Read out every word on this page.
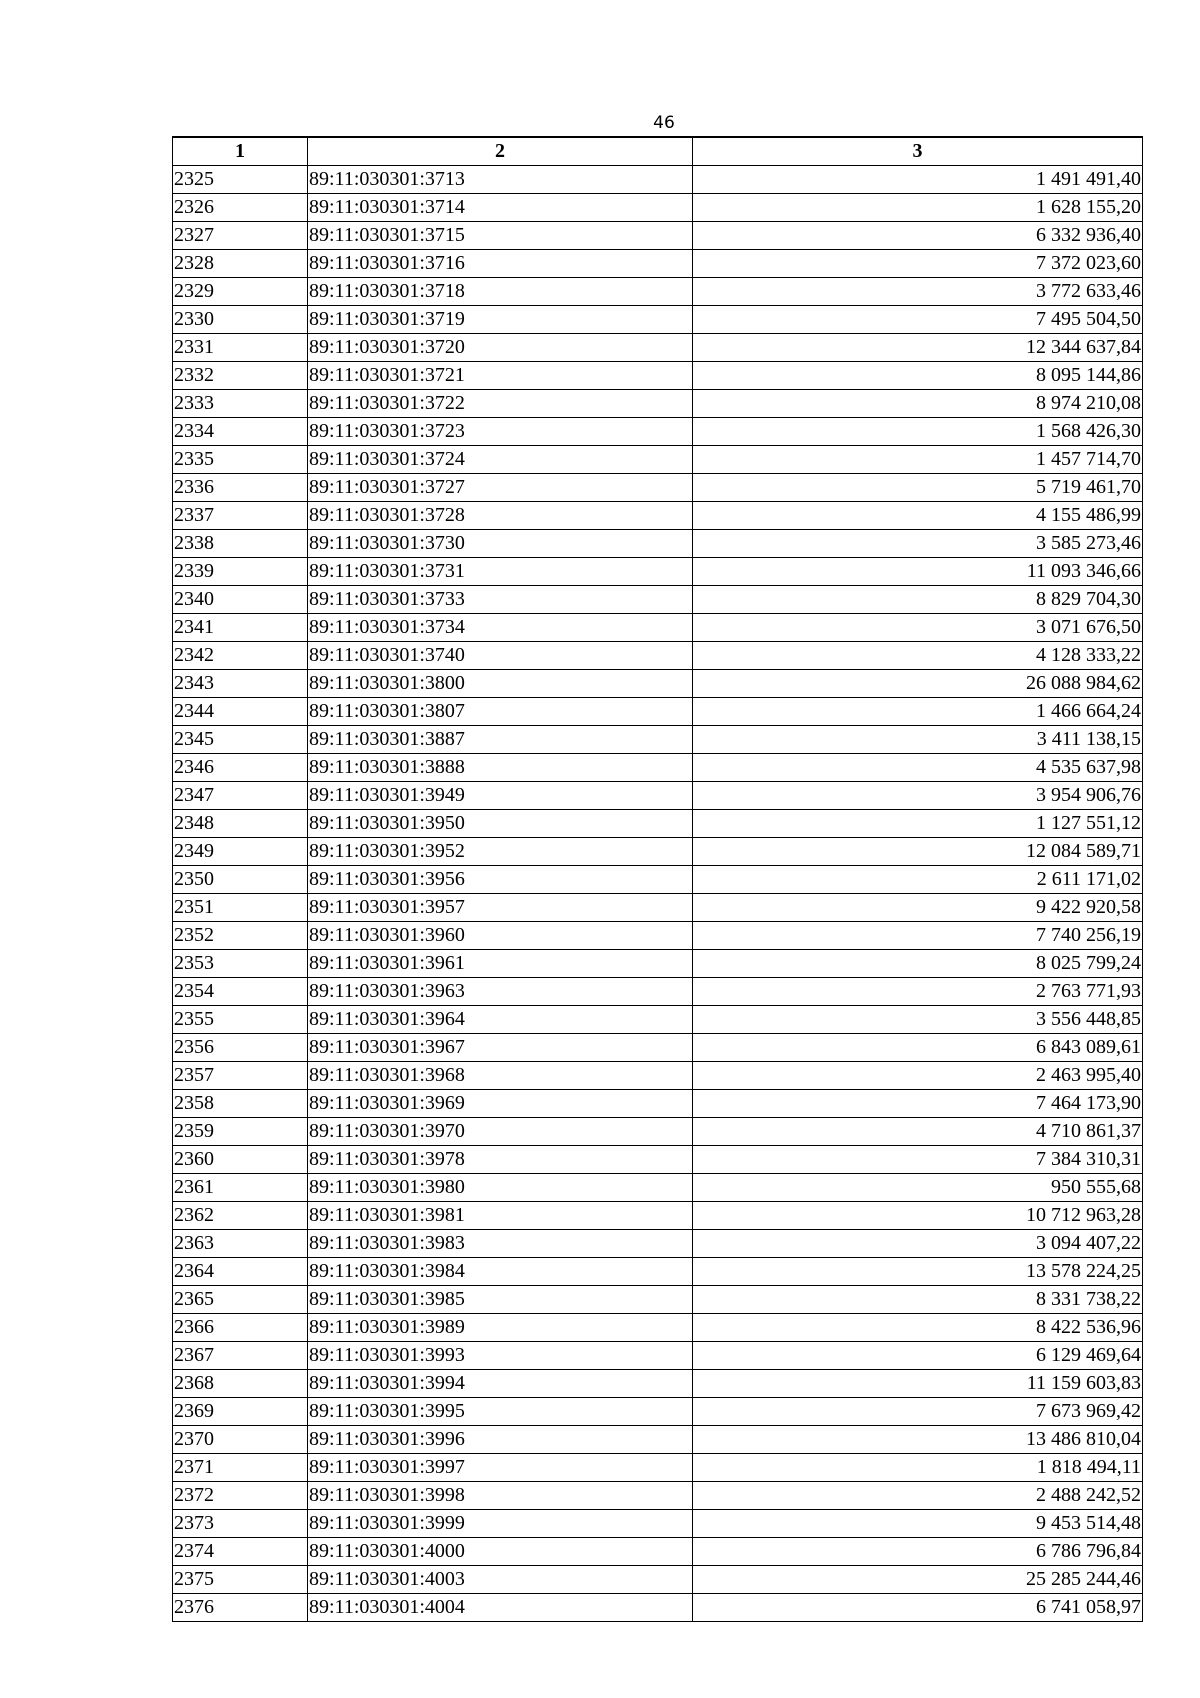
46
1	2	3
2325	89:11:030301:3713	1 491 491,40
2326	89:11:030301:3714	1 628 155,20
2327	89:11:030301:3715	6 332 936,40
2328	89:11:030301:3716	7 372 023,60
2329	89:11:030301:3718	3 772 633,46
2330	89:11:030301:3719	7 495 504,50
2331	89:11:030301:3720	12 344 637,84
2332	89:11:030301:3721	8 095 144,86
2333	89:11:030301:3722	8 974 210,08
2334	89:11:030301:3723	1 568 426,30
2335	89:11:030301:3724	1 457 714,70
2336	89:11:030301:3727	5 719 461,70
2337	89:11:030301:3728	4 155 486,99
2338	89:11:030301:3730	3 585 273,46
2339	89:11:030301:3731	11 093 346,66
2340	89:11:030301:3733	8 829 704,30
2341	89:11:030301:3734	3 071 676,50
2342	89:11:030301:3740	4 128 333,22
2343	89:11:030301:3800	26 088 984,62
2344	89:11:030301:3807	1 466 664,24
2345	89:11:030301:3887	3 411 138,15
2346	89:11:030301:3888	4 535 637,98
2347	89:11:030301:3949	3 954 906,76
2348	89:11:030301:3950	1 127 551,12
2349	89:11:030301:3952	12 084 589,71
2350	89:11:030301:3956	2 611 171,02
2351	89:11:030301:3957	9 422 920,58
2352	89:11:030301:3960	7 740 256,19
2353	89:11:030301:3961	8 025 799,24
2354	89:11:030301:3963	2 763 771,93
2355	89:11:030301:3964	3 556 448,85
2356	89:11:030301:3967	6 843 089,61
2357	89:11:030301:3968	2 463 995,40
2358	89:11:030301:3969	7 464 173,90
2359	89:11:030301:3970	4 710 861,37
2360	89:11:030301:3978	7 384 310,31
2361	89:11:030301:3980	950 555,68
2362	89:11:030301:3981	10 712 963,28
2363	89:11:030301:3983	3 094 407,22
2364	89:11:030301:3984	13 578 224,25
2365	89:11:030301:3985	8 331 738,22
2366	89:11:030301:3989	8 422 536,96
2367	89:11:030301:3993	6 129 469,64
2368	89:11:030301:3994	11 159 603,83
2369	89:11:030301:3995	7 673 969,42
2370	89:11:030301:3996	13 486 810,04
2371	89:11:030301:3997	1 818 494,11
2372	89:11:030301:3998	2 488 242,52
2373	89:11:030301:3999	9 453 514,48
2374	89:11:030301:4000	6 786 796,84
2375	89:11:030301:4003	25 285 244,46
2376	89:11:030301:4004	6 741 058,97
